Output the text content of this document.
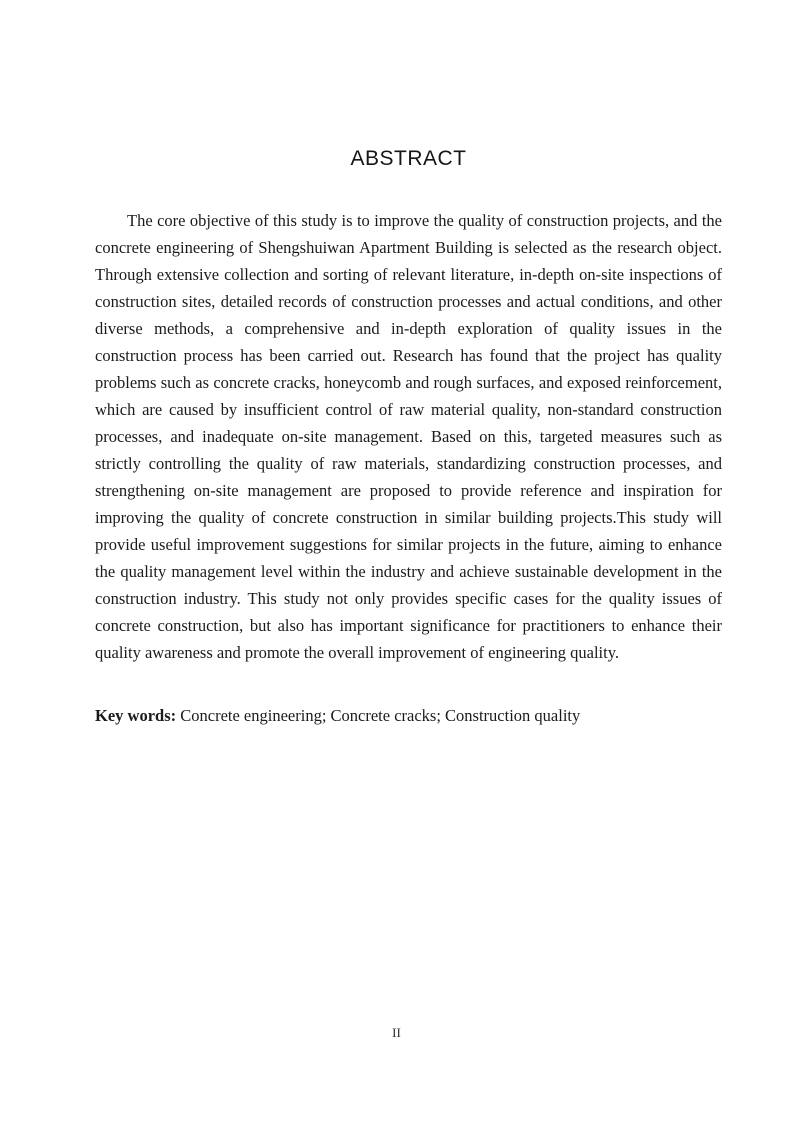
ABSTRACT

The core objective of this study is to improve the quality of construction projects, and the concrete engineering of Shengshuiwan Apartment Building is selected as the research object. Through extensive collection and sorting of relevant literature, in-depth on-site inspections of construction sites, detailed records of construction processes and actual conditions, and other diverse methods, a comprehensive and in-depth exploration of quality issues in the construction process has been carried out. Research has found that the project has quality problems such as concrete cracks, honeycomb and rough surfaces, and exposed reinforcement, which are caused by insufficient control of raw material quality, non-standard construction processes, and inadequate on-site management. Based on this, targeted measures such as strictly controlling the quality of raw materials, standardizing construction processes, and strengthening on-site management are proposed to provide reference and inspiration for improving the quality of concrete construction in similar building projects.This study will provide useful improvement suggestions for similar projects in the future, aiming to enhance the quality management level within the industry and achieve sustainable development in the construction industry. This study not only provides specific cases for the quality issues of concrete construction, but also has important significance for practitioners to enhance their quality awareness and promote the overall improvement of engineering quality.

Key words: Concrete engineering; Concrete cracks; Construction quality

II
